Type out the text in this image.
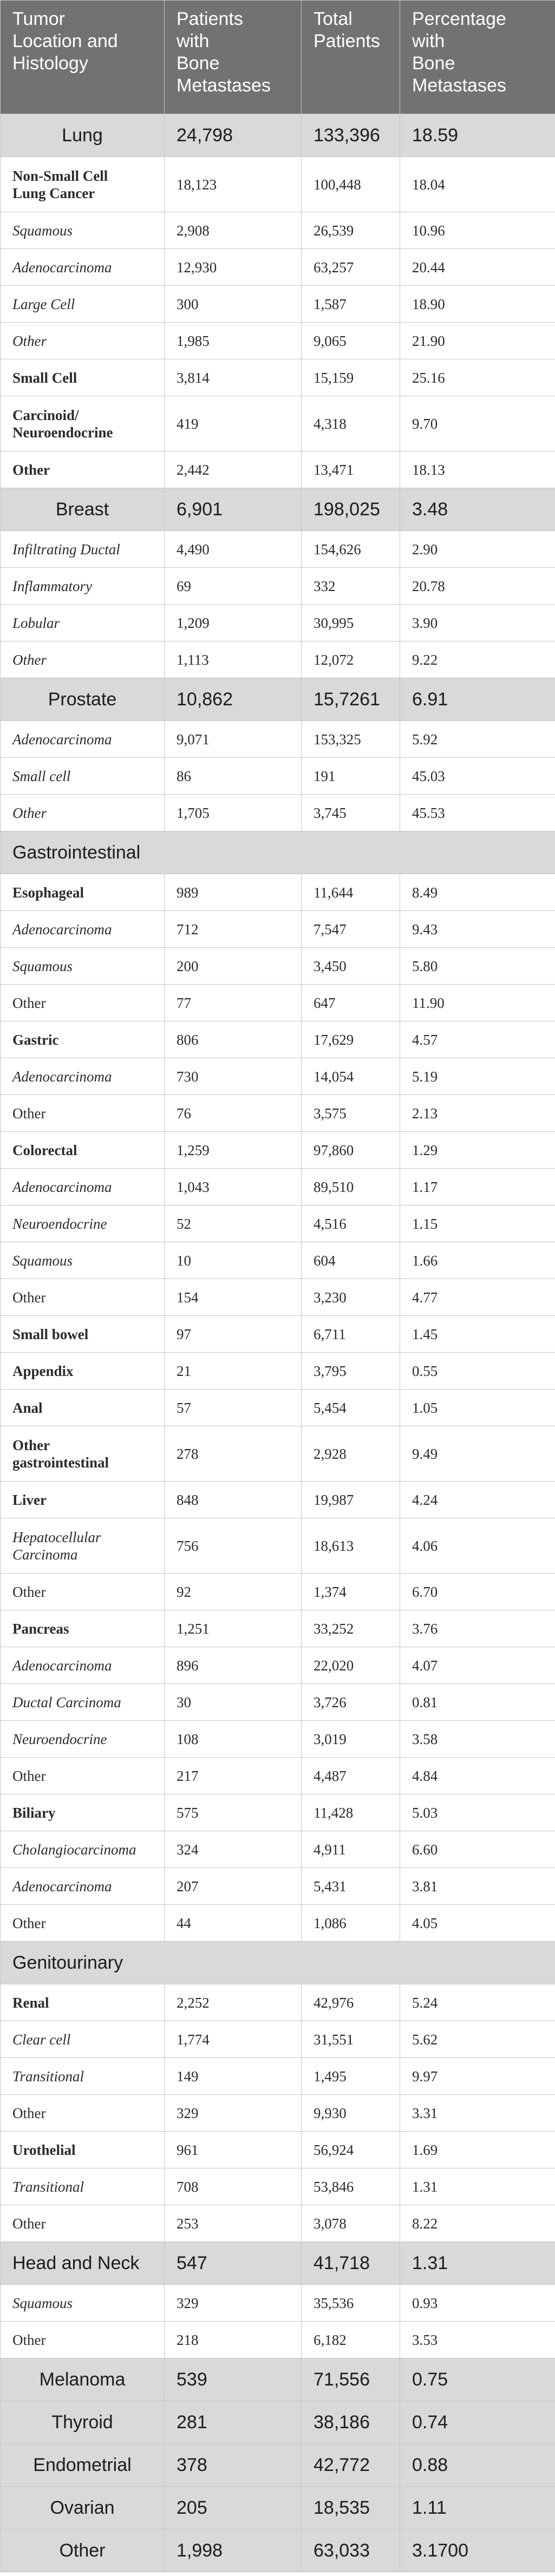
Tumor
Location and
Histology	Patients
with
Bone
Metastases	Total
Patients	Percentage
with
Bone
Metastases

Lung	24,798	133,396	18.59
Non-Small Cell Lung Cancer	18,123	100,448	18.04
Squamous	2,908	26,539	10.96
Adenocarcinoma	12,930	63,257	20.44
Large Cell	300	1,587	18.90
Other	1,985	9,065	21.90
Small Cell	3,814	15,159	25.16
Carcinoid/ Neuroendocrine	419	4,318	9.70
Other	2,442	13,471	18.13
Breast	6,901	198,025	3.48
Infiltrating Ductal	4,490	154,626	2.90
Inflammatory	69	332	20.78
Lobular	1,209	30,995	3.90
Other	1,113	12,072	9.22
Prostate	10,862	15,7261	6.91
Adenocarcinoma	9,071	153,325	5.92
Small cell	86	191	45.03
Other	1,705	3,745	45.53
Gastrointestinal			
Esophageal	989	11,644	8.49
Adenocarcinoma	712	7,547	9.43
Squamous	200	3,450	5.80
Other	77	647	11.90
Gastric	806	17,629	4.57
Adenocarcinoma	730	14,054	5.19
Other	76	3,575	2.13
Colorectal	1,259	97,860	1.29
Adenocarcinoma	1,043	89,510	1.17
Neuroendocrine	52	4,516	1.15
Squamous	10	604	1.66
Other	154	3,230	4.77
Small bowel	97	6,711	1.45
Appendix	21	3,795	0.55
Anal	57	5,454	1.05
Other gastrointestinal	278	2,928	9.49
Liver	848	19,987	4.24
Hepatocellular Carcinoma	756	18,613	4.06
Other	92	1,374	6.70
Pancreas	1,251	33,252	3.76
Adenocarcinoma	896	22,020	4.07
Ductal Carcinoma	30	3,726	0.81
Neuroendocrine	108	3,019	3.58
Other	217	4,487	4.84
Biliary	575	11,428	5.03
Cholangiocarcinoma	324	4,911	6.60
Adenocarcinoma	207	5,431	3.81
Other	44	1,086	4.05
Genitourinary			
Renal	2,252	42,976	5.24
Clear cell	1,774	31,551	5.62
Transitional	149	1,495	9.97
Other	329	9,930	3.31
Urothelial	961	56,924	1.69
Transitional	708	53,846	1.31
Other	253	3,078	8.22
Head and Neck	547	41,718	1.31
Squamous	329	35,536	0.93
Other	218	6,182	3.53
Melanoma	539	71,556	0.75
Thyroid	281	38,186	0.74
Endometrial	378	42,772	0.88
Ovarian	205	18,535	1.11
Other	1,998	63,033	3.1700
